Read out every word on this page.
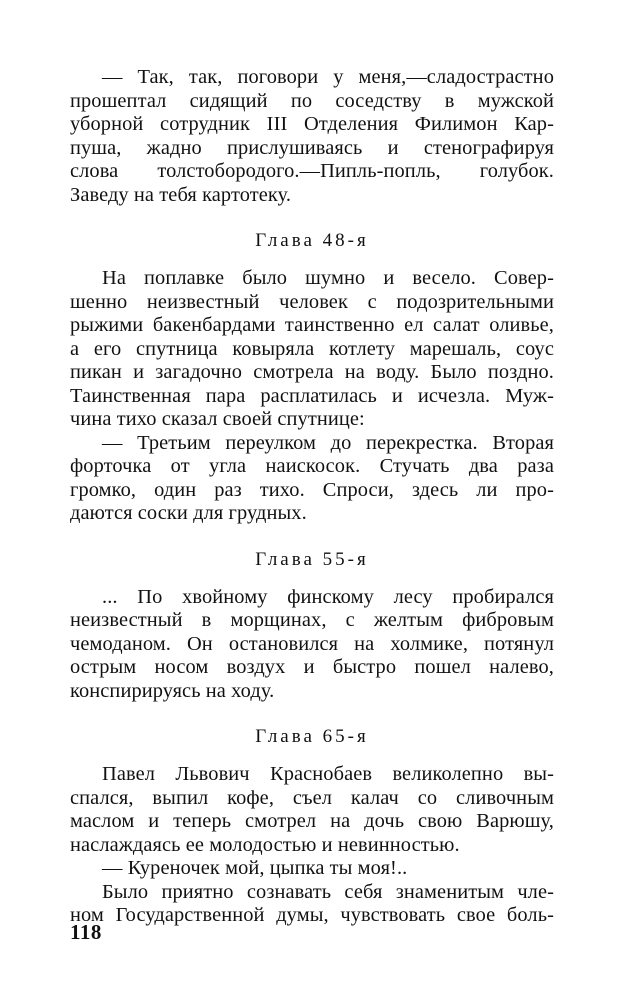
— Так, так, поговори у меня,—сладострастно
прошептал сидящий по соседству в мужской
уборной сотрудник III Отделения Филимон Кар-
пуша, жадно прислушиваясь и стенографируя
слова толстобородого.—Пипль-попль, голубок.
Заведу на тебя картотеку.
Глава 48-я
На поплавке было шумно и весело. Совер-
шенно неизвестный человек с подозрительными
рыжими бакенбардами таинственно ел салат оливье,
а его спутница ковыряла котлету марешаль, соус
пикан и загадочно смотрела на воду. Было поздно.
Таинственная пара расплатилась и исчезла. Муж-
чина тихо сказал своей спутнице:
— Третьим переулком до перекрестка. Вторая
форточка от угла наискосок. Стучать два раза
громко, один раз тихо. Спроси, здесь ли про-
даются соски для грудных.
Глава 55-я
... По хвойному финскому лесу пробирался
неизвестный в морщинах, с желтым фибровым
чемоданом. Он остановился на холмике, потянул
острым носом воздух и быстро пошел налево,
конспирируясь на ходу.
Глава 65-я
Павел Львович Краснобаев великолепно вы-
спался, выпил кофе, съел калач со сливочным
маслом и теперь смотрел на дочь свою Варюшу,
наслаждаясь ее молодостью и невинностью.
— Куреночек мой, цыпка ты моя!..
Было приятно сознавать себя знаменитым чле-
ном Государственной думы, чувствовать свое боль-
118
